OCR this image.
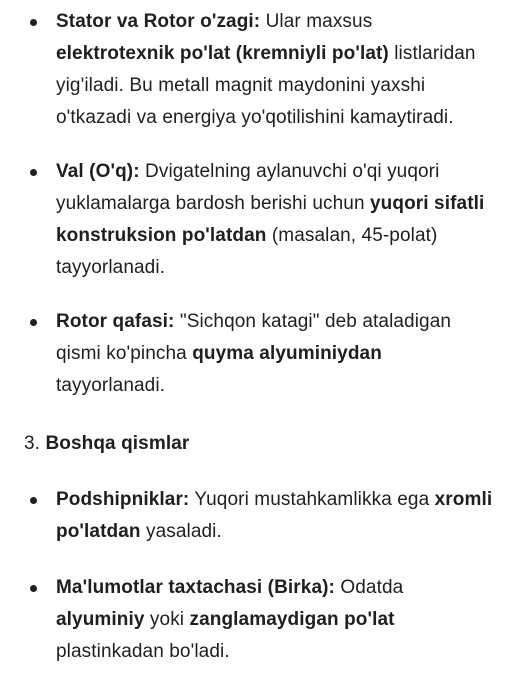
Stator va Rotor o'zagi: Ular maxsus elektrotexnik po'lat (kremniyli po'lat) listlaridan yig'iladi. Bu metall magnit maydonini yaxshi o'tkazadi va energiya yo'qotilishini kamaytiradi.
Val (O'q): Dvigatelning aylanuvchi o'qi yuqori yuklamalarga bardosh berishi uchun yuqori sifatli konstruksion po'latdan (masalan, 45-polat) tayyorlanadi.
Rotor qafasi: "Sichqon katagi" deb ataladigan qismi ko'pincha quyma alyuminiydan tayyorlanadi.
3. Boshqa qismlar
Podshipniklar: Yuqori mustahkamlikka ega xromli po'latdan yasaladi.
Ma'lumotlar taxtachasi (Birka): Odatda alyuminiy yoki zanglamaydigan po'lat plastinkadan bo'ladi.
